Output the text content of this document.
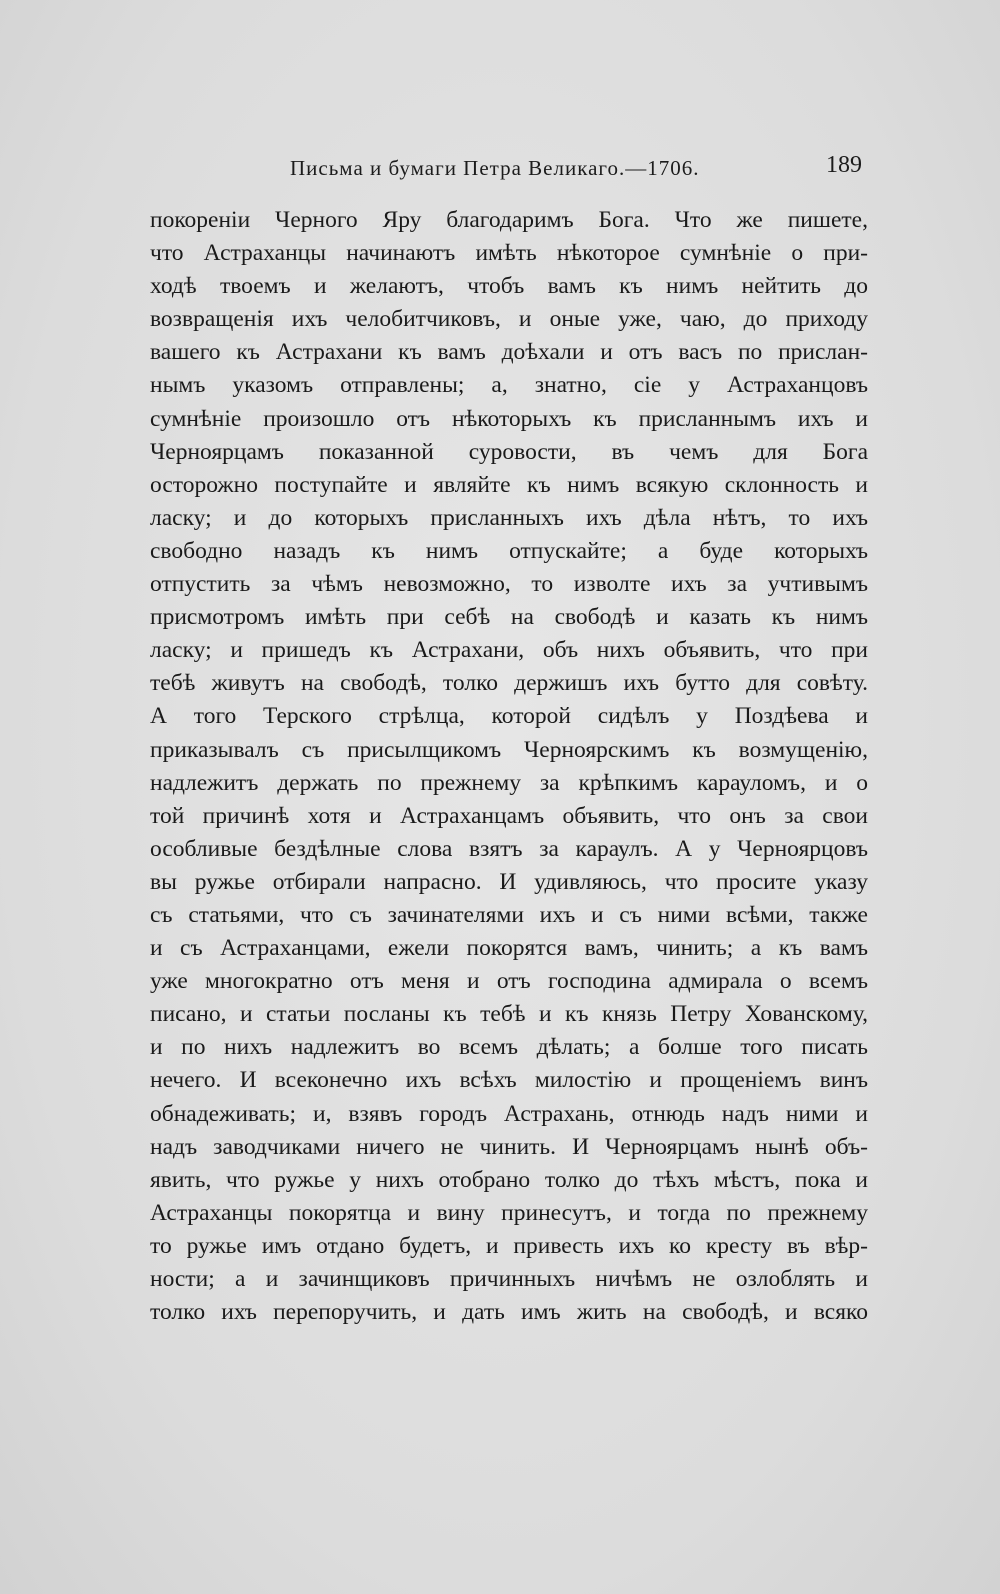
Письма и бумаги Петра Великаго.—1706.	189
покореніи Черного Яру благодаримъ Бога. Что же пишете,
что Астраханцы начинаютъ имѣть нѣкоторое сумнѣніе о при-
ходѣ твоемъ и желаютъ, чтобъ вамъ къ нимъ нейтить до
возвращенія ихъ челобитчиковъ, и оные уже, чаю, до приходу
вашего къ Астрахани къ вамъ доѣхали и отъ васъ по прислан-
нымъ указомъ отправлены; а, знатно, сіе у Астраханцовъ
сумнѣніе произошло отъ нѣкоторыхъ къ присланнымъ ихъ и
Черноярцамъ показанной суровости, въ чемъ для Бога
осторожно поступайте и являйте къ нимъ всякую склонность и
ласку; и до которыхъ присланныхъ ихъ дѣла нѣтъ, то ихъ
свободно назадъ къ нимъ отпускайте; а буде которыхъ
отпустить за чѣмъ невозможно, то изволте ихъ за учтивымъ
присмотромъ имѣть при себѣ на свободѣ и казать къ нимъ
ласку; и пришедъ къ Астрахани, объ нихъ объявить, что при
тебѣ живутъ на свободѣ, толко держишъ ихъ бутто для совѣту.
А того Терского стрѣлца, которой сидѣлъ у Поздѣева и
приказывалъ съ присылщикомъ Черноярскимъ къ возмущенію,
надлежитъ держать по прежнему за крѣпкимъ карауломъ, и о
той причинѣ хотя и Астраханцамъ объявить, что онъ за свои
особливые бездѣлные слова взятъ за караулъ. А у Черноярцовъ
вы ружье отбирали напрасно. И удивляюсь, что просите указу
съ статьями, что съ зачинателями ихъ и съ ними всѣми, также
и съ Астраханцами, ежели покорятся вамъ, чинить; а къ вамъ
уже многократно отъ меня и отъ господина адмирала о всемъ
писано, и статьи посланы къ тебѣ и къ князь Петру Хованскому,
и по нихъ надлежитъ во всемъ дѣлать; а болше того писать
нечего. И всеконечно ихъ всѣхъ милостію и прощеніемъ винъ
обнадеживать; и, взявъ городъ Астрахань, отнюдь надъ ними и
надъ заводчиками ничего не чинить. И Черноярцамъ нынѣ объ-
явить, что ружье у нихъ отобрано толко до тѣхъ мѣстъ, пока и
Астраханцы покорятца и вину принесутъ, и тогда по прежнему
то ружье имъ отдано будетъ, и привесть ихъ ко кресту въ вѣр-
ности; а и зачинщиковъ причинныхъ ничѣмъ не озлоблять и
толко ихъ перепоручить, и дать имъ жить на свободѣ, и всяко
